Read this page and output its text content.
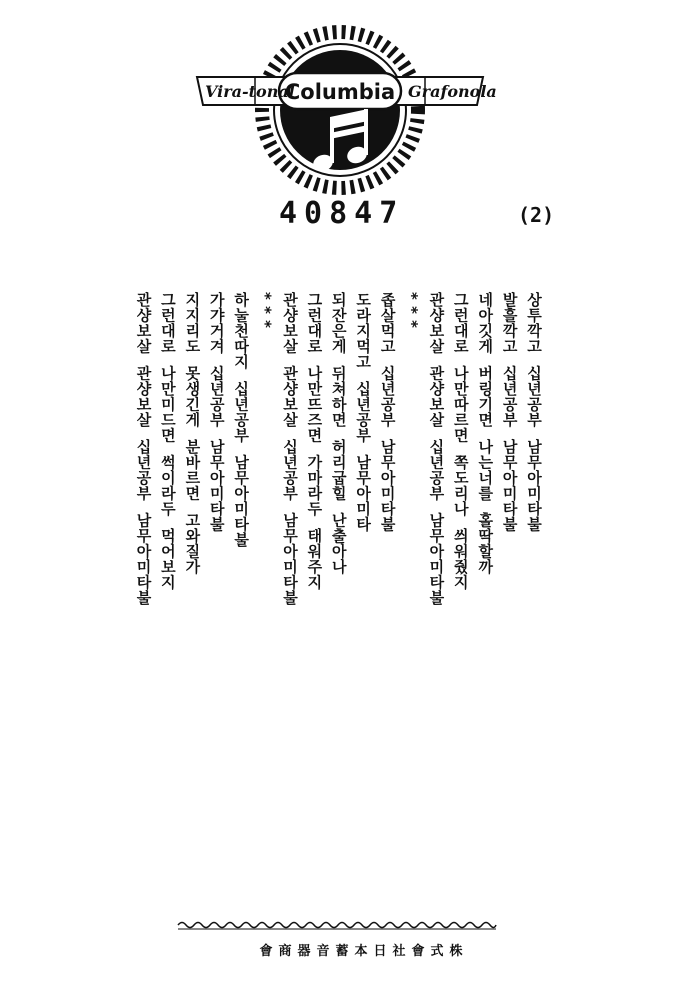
Vira-tonal
Columbia Grafonola
40847	(2)
상투깍고  십년공부  남무아미타불
발흘깍고  십년공부  남무아미타불
네아깃게  버링기면  나는너를  홀딱할까
그런대로  나만따르면  쪽도리나  씌워줬지
관샹보살  관샹보살  십년공부  남무아미타불
* * *
좁살먹고  십년공부  남무아미타불
도라지먹고  십년공부  남무아미타
되잔은게  뒤쳐하면  허리굽힐  난출아나
그런대로  나만뜨즈면  가마라두  태워주지
관샹보살  관샹보살  십년공부  남무아미타불
* * *
하눌천따지  십년공부  남무아미타불
가갸거겨  십년공부  남무아미타불
지지리도  못생긴게  분바르면  고와질가
그런대로  나만미드면  썩이라두  먹어보지
관샹보살  관샹보살  십년공부  남무아미타불
會商器音蓄本日社會式株
